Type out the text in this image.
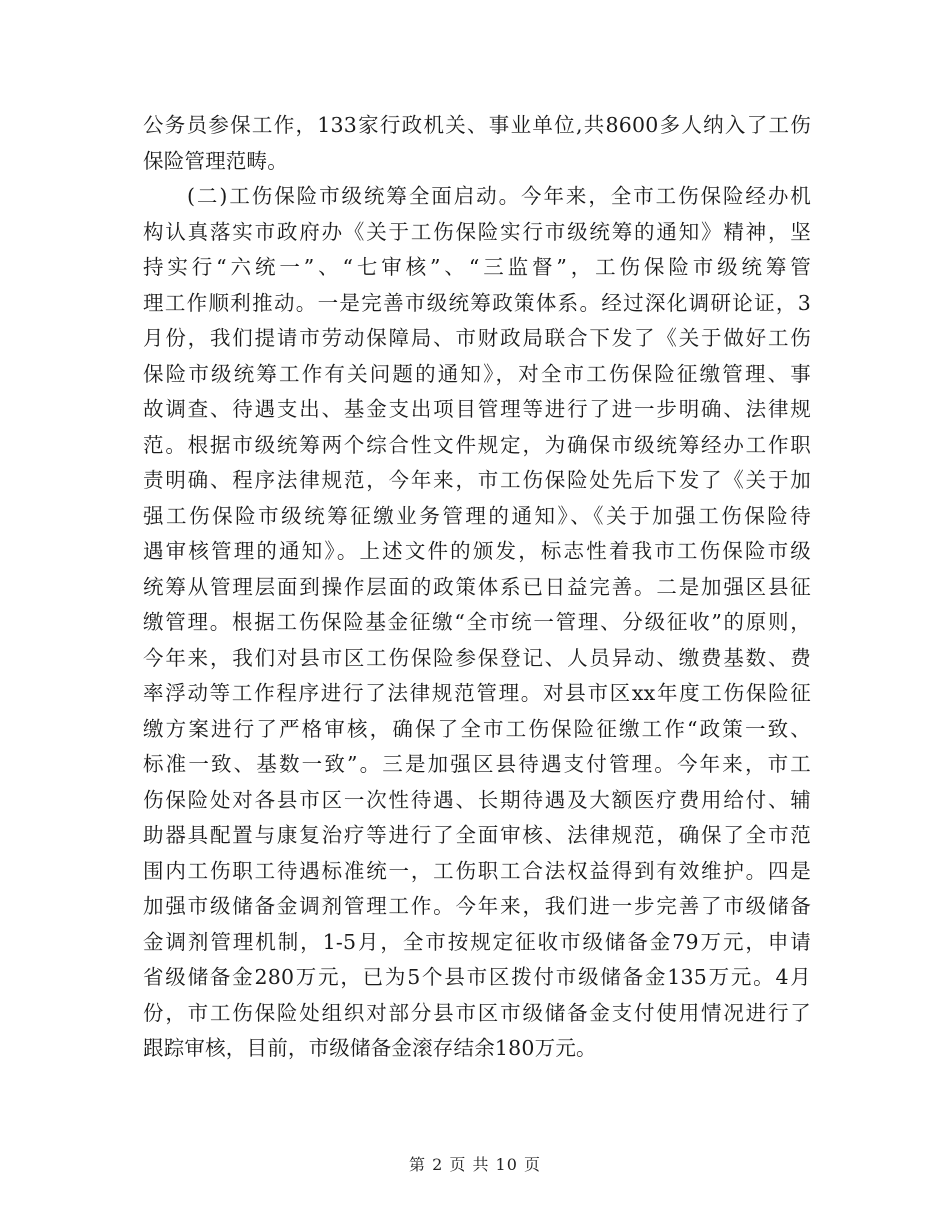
公务员参保工作，133家行政机关、事业单位,共8600多人纳入了工伤
保险管理范畴。
(二)工伤保险市级统筹全面启动。今年来，全市工伤保险经办机
构认真落实市政府办《关于工伤保险实行市级统筹的通知》精神，坚
持实行“六统一”、“七审核”、“三监督”，工伤保险市级统筹管
理工作顺利推动。一是完善市级统筹政策体系。经过深化调研论证，3
月份，我们提请市劳动保障局、市财政局联合下发了《关于做好工伤
保险市级统筹工作有关问题的通知》，对全市工伤保险征缴管理、事
故调查、待遇支出、基金支出项目管理等进行了进一步明确、法律规
范。根据市级统筹两个综合性文件规定，为确保市级统筹经办工作职
责明确、程序法律规范，今年来，市工伤保险处先后下发了《关于加
强工伤保险市级统筹征缴业务管理的通知》、《关于加强工伤保险待
遇审核管理的通知》。上述文件的颁发，标志性着我市工伤保险市级
统筹从管理层面到操作层面的政策体系已日益完善。二是加强区县征
缴管理。根据工伤保险基金征缴“全市统一管理、分级征收”的原则，
今年来，我们对县市区工伤保险参保登记、人员异动、缴费基数、费
率浮动等工作程序进行了法律规范管理。对县市区xx年度工伤保险征
缴方案进行了严格审核，确保了全市工伤保险征缴工作“政策一致、
标准一致、基数一致”。三是加强区县待遇支付管理。今年来，市工
伤保险处对各县市区一次性待遇、长期待遇及大额医疗费用给付、辅
助器具配置与康复治疗等进行了全面审核、法律规范，确保了全市范
围内工伤职工待遇标准统一，工伤职工合法权益得到有效维护。四是
加强市级储备金调剂管理工作。今年来，我们进一步完善了市级储备
金调剂管理机制，1-5月，全市按规定征收市级储备金79万元，申请
省级储备金280万元，已为5个县市区拨付市级储备金135万元。4月
份，市工伤保险处组织对部分县市区市级储备金支付使用情况进行了
跟踪审核，目前，市级储备金滚存结余180万元。
第 2 页 共 10 页
